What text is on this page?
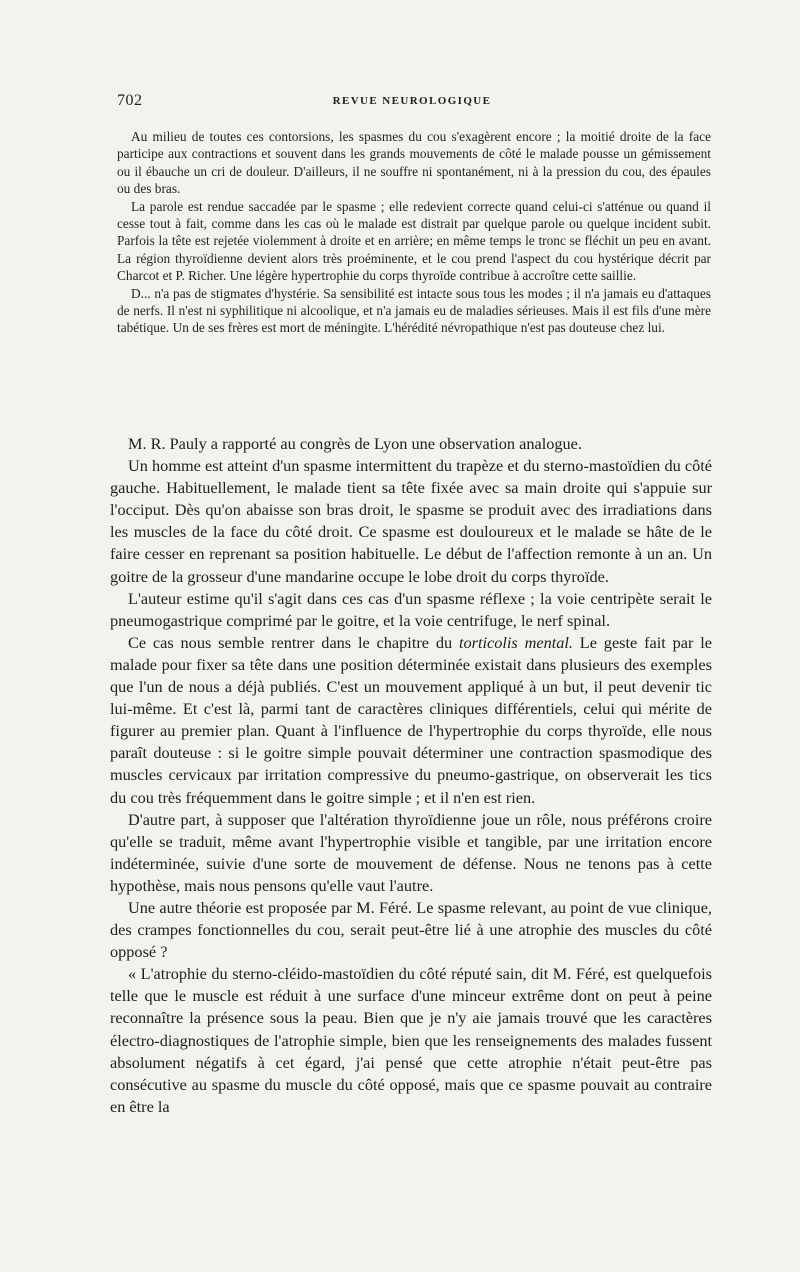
702	REVUE NEUROLOGIQUE

Au milieu de toutes ces contorsions, les spasmes du cou s'exagèrent encore ; la moitié droite de la face participe aux contractions et souvent dans les grands mouvements de côté le malade pousse un gémissement ou il ébauche un cri de douleur. D'ailleurs, il ne souffre ni spontanément, ni à la pression du cou, des épaules ou des bras.

La parole est rendue saccadée par le spasme ; elle redevient correcte quand celui-ci s'atténue ou quand il cesse tout à fait, comme dans les cas où le malade est distrait par quelque parole ou quelque incident subit. Parfois la tête est rejetée violemment à droite et en arrière; en même temps le tronc se fléchit un peu en avant. La région thyroïdienne devient alors très proéminente, et le cou prend l'aspect du cou hystérique décrit par Charcot et P. Richer. Une légère hypertrophie du corps thyroïde contribue à accroître cette saillie.

D... n'a pas de stigmates d'hystérie. Sa sensibilité est intacte sous tous les modes ; il n'a jamais eu d'attaques de nerfs. Il n'est ni syphilitique ni alcoolique, et n'a jamais eu de maladies sérieuses. Mais il est fils d'une mère tabétique. Un de ses frères est mort de méningite. L'hérédité névropathique n'est pas douteuse chez lui.

M. R. Pauly a rapporté au congrès de Lyon une observation analogue.

Un homme est atteint d'un spasme intermittent du trapèze et du sterno-mastoïdien du côté gauche. Habituellement, le malade tient sa tête fixée avec sa main droite qui s'appuie sur l'occiput. Dès qu'on abaisse son bras droit, le spasme se produit avec des irradiations dans les muscles de la face du côté droit. Ce spasme est douloureux et le malade se hâte de le faire cesser en reprenant sa position habituelle. Le début de l'affection remonte à un an. Un goitre de la grosseur d'une mandarine occupe le lobe droit du corps thyroïde.

L'auteur estime qu'il s'agit dans ces cas d'un spasme réflexe ; la voie centripète serait le pneumogastrique comprimé par le goitre, et la voie centrifuge, le nerf spinal.

Ce cas nous semble rentrer dans le chapitre du torticolis mental. Le geste fait par le malade pour fixer sa tête dans une position déterminée existait dans plusieurs des exemples que l'un de nous a déjà publiés. C'est un mouvement appliqué à un but, il peut devenir tic lui-même. Et c'est là, parmi tant de caractères cliniques différentiels, celui qui mérite de figurer au premier plan. Quant à l'influence de l'hypertrophie du corps thyroïde, elle nous paraît douteuse : si le goitre simple pouvait déterminer une contraction spasmodique des muscles cervicaux par irritation compressive du pneumo-gastrique, on observerait les tics du cou très fréquemment dans le goitre simple ; et il n'en est rien.

D'autre part, à supposer que l'altération thyroïdienne joue un rôle, nous préférons croire qu'elle se traduit, même avant l'hypertrophie visible et tangible, par une irritation encore indéterminée, suivie d'une sorte de mouvement de défense. Nous ne tenons pas à cette hypothèse, mais nous pensons qu'elle vaut l'autre.

Une autre théorie est proposée par M. Féré. Le spasme relevant, au point de vue clinique, des crampes fonctionnelles du cou, serait peut-être lié à une atrophie des muscles du côté opposé ?

« L'atrophie du sterno-cléido-mastoïdien du côté réputé sain, dit M. Féré, est quelquefois telle que le muscle est réduit à une surface d'une minceur extrême dont on peut à peine reconnaître la présence sous la peau. Bien que je n'y aie jamais trouvé que les caractères électro-diagnostiques de l'atrophie simple, bien que les renseignements des malades fussent absolument négatifs à cet égard, j'ai pensé que cette atrophie n'était peut-être pas consécutive au spasme du muscle du côté opposé, mais que ce spasme pouvait au contraire en être la
